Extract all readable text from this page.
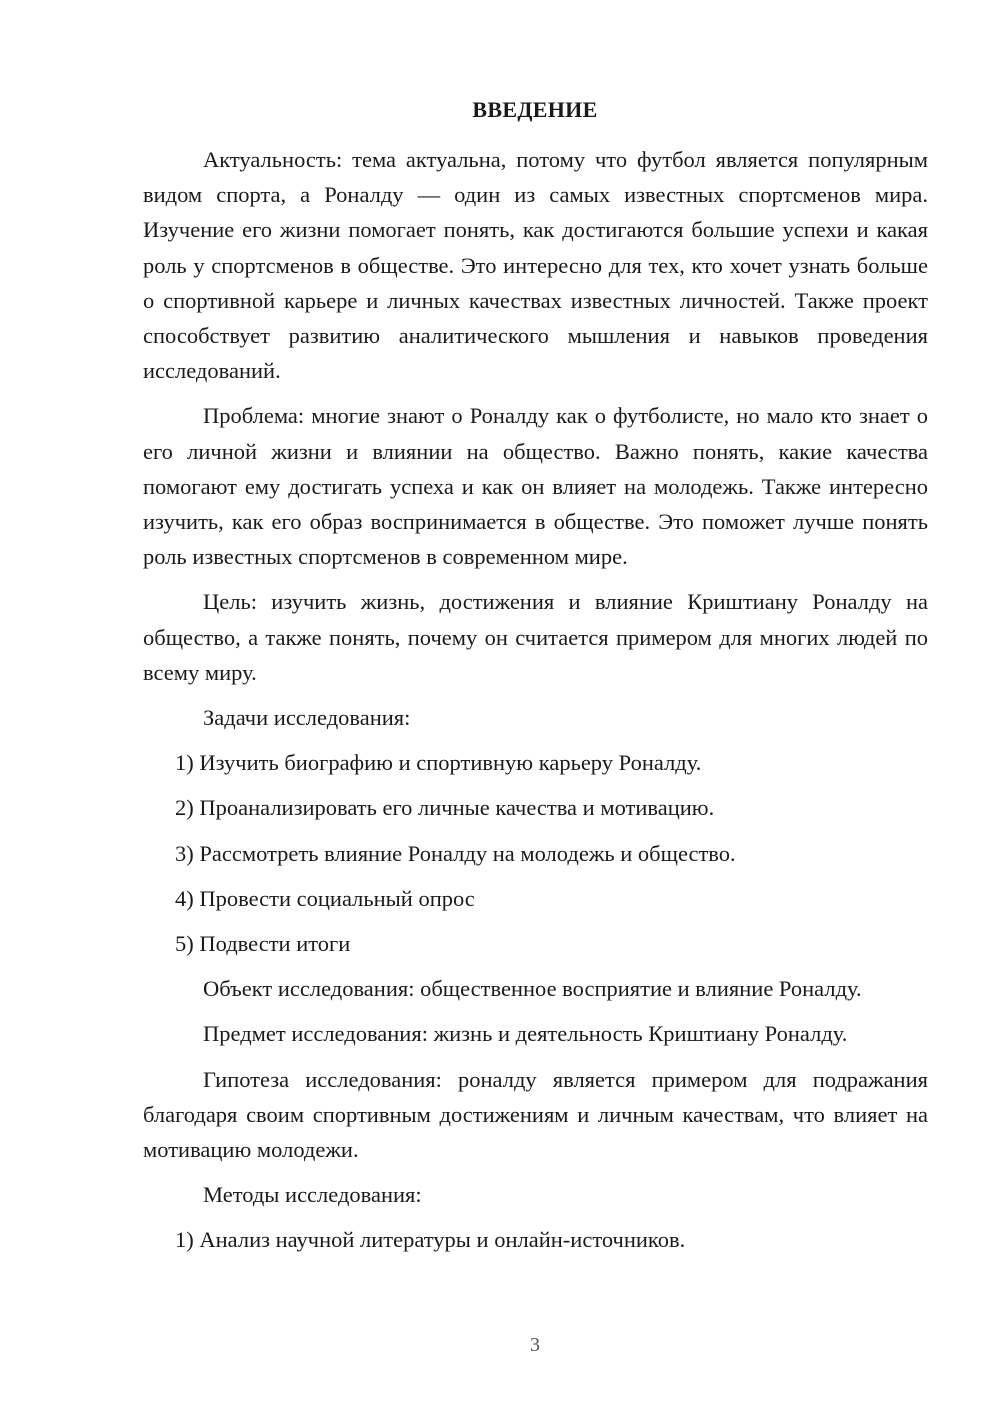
ВВЕДЕНИЕ

Актуальность: тема актуальна, потому что футбол является популярным видом спорта, а Роналду — один из самых известных спортсменов мира. Изучение его жизни помогает понять, как достигаются большие успехи и какая роль у спортсменов в обществе. Это интересно для тех, кто хочет узнать больше о спортивной карьере и личных качествах известных личностей. Также проект способствует развитию аналитического мышления и навыков проведения исследований.

Проблема: многие знают о Роналду как о футболисте, но мало кто знает о его личной жизни и влиянии на общество. Важно понять, какие качества помогают ему достигать успеха и как он влияет на молодежь. Также интересно изучить, как его образ воспринимается в обществе. Это поможет лучше понять роль известных спортсменов в современном мире.

Цель: изучить жизнь, достижения и влияние Криштиану Роналду на общество, а также понять, почему он считается примером для многих людей по всему миру.

Задачи исследования:

1) Изучить биографию и спортивную карьеру Роналду.

2) Проанализировать его личные качества и мотивацию.

3) Рассмотреть влияние Роналду на молодежь и общество.

4) Провести социальный опрос

5) Подвести итоги

Объект исследования: общественное восприятие и влияние Роналду.

Предмет исследования: жизнь и деятельность Криштиану Роналду.

Гипотеза исследования: роналду является примером для подражания благодаря своим спортивным достижениям и личным качествам, что влияет на мотивацию молодежи.

Методы исследования:

1) Анализ научной литературы и онлайн-источников.

3
